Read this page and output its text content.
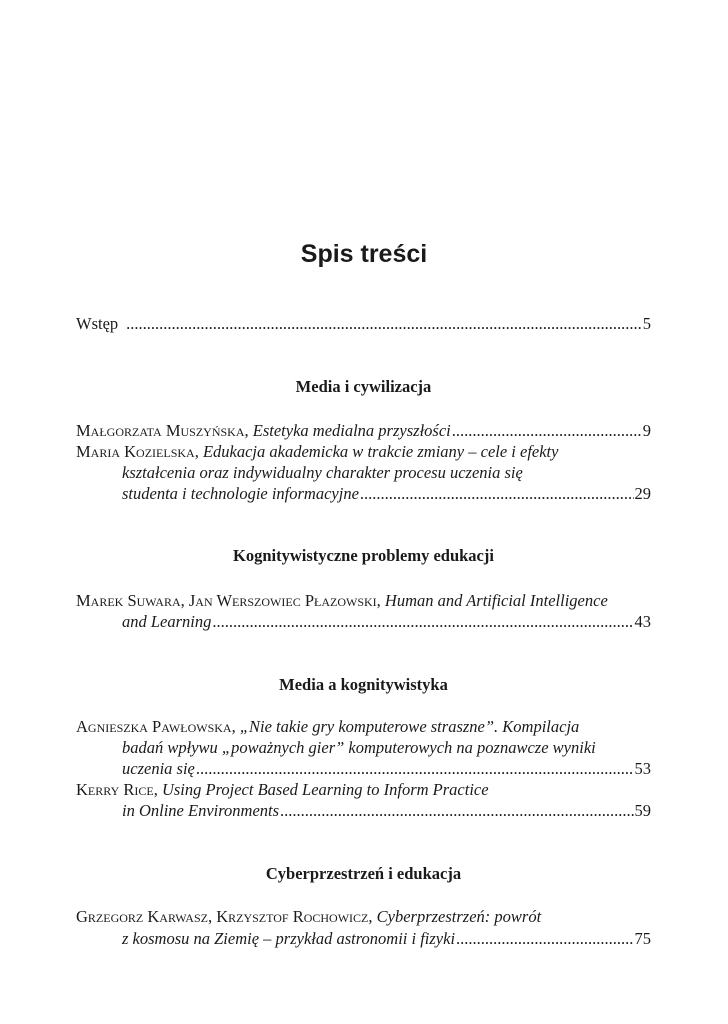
Spis treści
Wstęp .....	5
Media i cywilizacja
Małgorzata Muszyńska , Estetyka medialna przyszłości .....	9
Maria Kozielska, Edukacja akademicka w trakcie zmiany – cele i efekty
kształcenia oraz indywidualny charakter procesu uczenia się
studenta i technologie informacyjne .....	29
Kognitywistyczne problemy edukacji
Marek Suwara, Jan Werszowiec Płazowski, Human and Artificial Intelligence
and Learning .....	43
Media a kognitywistyka
Agnieszka Pawłowska, „Nie takie gry komputerowe straszne”. Kompilacja
badań wpływu „poważnych gier” komputerowych na poznawcze wyniki
uczenia się .....	53
Kerry Rice, Using Project Based Learning to Inform Practice
in Online Environments .....	59
Cyberprzestrzeń i edukacja
Grzegorz Karwasz, Krzysztof Rochowicz, Cyberprzestrzeń: powrót
z kosmosu na Ziemię – przykład astronomii i fizyki .....	75
